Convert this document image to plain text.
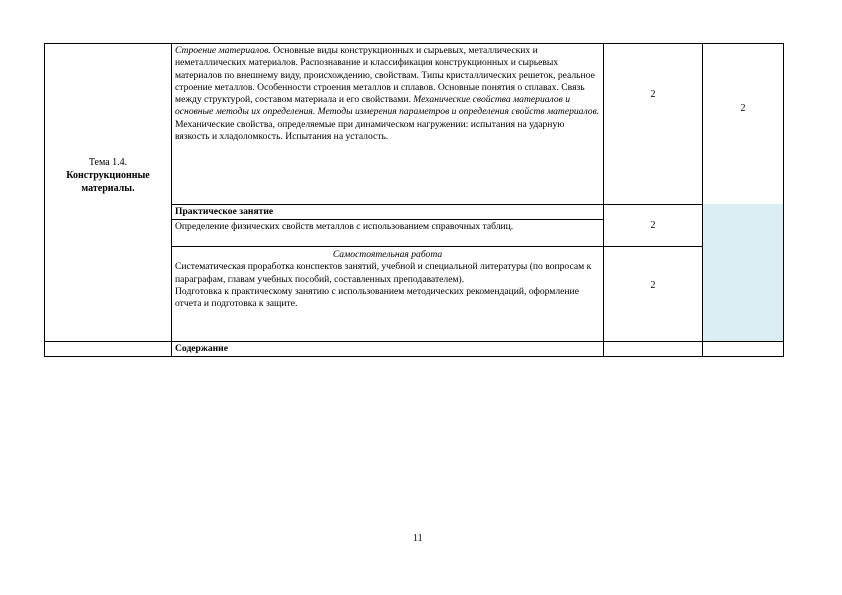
Тема 1.4.
Конструкционные
материалы.
Строение материалов. Основные виды конструкционных и сырьевых, металлических и неметаллических материалов. Распознавание и классификация конструкционных и сырьевых материалов по внешнему виду, происхождению, свойствам. Типы кристаллических решеток, реальное строение металлов. Особенности строения металлов и сплавов. Основные понятия о сплавах. Связь между структурой, составом материала и его свойствами. Механические свойства материалов и основные методы их определения. Методы измерения параметров и определения свойств материалов. Механические свойства, определяемые при динамическом нагружении: испытания на ударную вязкость и хладоломкость. Испытания на усталость.
2
2
Практическое занятие
Определение физических свойств металлов с использованием справочных таблиц.	2
Самостоятельная работа
Систематическая проработка конспектов занятий, учебной и специальной литературы (по вопросам к параграфам, главам учебных пособий, составленных преподавателем).
Подготовка к практическому занятию с использованием методических рекомендаций, оформление отчета и подготовка к защите.
2
Содержание
11
